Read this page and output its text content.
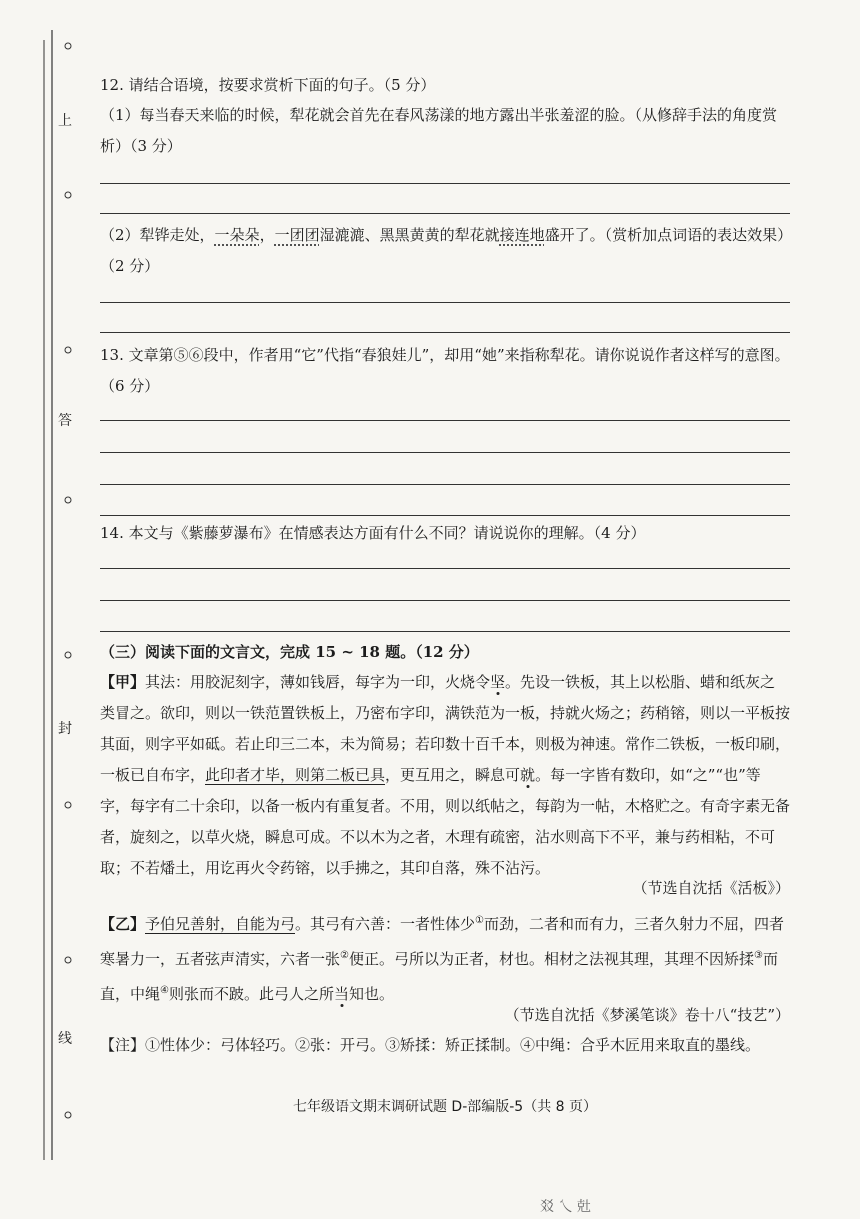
上
答
封
线
12. 请结合语境，按要求赏析下面的句子。（5 分）
（1）每当春天来临的时候，犁花就会首先在春风荡漾的地方露出半张羞涩的脸。（从修辞手法的角度赏析）（3 分）
（2）犁铧走处，一朵朵，一团团湿漉漉、黑黑黄黄的犁花就接连地盛开了。（赏析加点词语的表达效果）（2 分）
13. 文章第⑤⑥段中，作者用“它”代指“春狼娃儿”，却用“她”来指称犁花。请你说说作者这样写的意图。（6 分）
14. 本文与《紫藤萝瀑布》在情感表达方面有什么不同？请说说你的理解。（4 分）
（三）阅读下面的文言文，完成 15 ~ 18 题。（12 分）
【甲】其法：用胶泥刻字，薄如钱唇，每字为一印，火烧令坚。先设一铁板，其上以松脂、蜡和纸灰之类冒之。欲印，则以一铁范置铁板上，乃密布字印，满铁范为一板，持就火炀之；药稍镕，则以一平板按其面，则字平如砥。若止印三二本，未为简易；若印数十百千本，则极为神速。常作二铁板，一板印刷，一板已自布字，此印者才毕，则第二板已具，更互用之，瞬息可就。每一字皆有数印，如“之”“也”等字，每字有二十余印，以备一板内有重复者。不用，则以纸帖之，每韵为一帖，木格贮之。有奇字素无备者，旋刻之，以草火烧，瞬息可成。不以木为之者，木理有疏密，沾水则高下不平，兼与药相粘，不可取；不若燔土，用讫再火令药镕，以手拂之，其印自落，殊不沾污。
（节选自沈括《活板》）
【乙】予伯兄善射，自能为弓。其弓有六善：一者性体少①而劲，二者和而有力，三者久射力不屈，四者寒暑力一，五者弦声清实，六者一张②便正。弓所以为正者，材也。相材之法视其理，其理不因矫揉③而直，中绳④则张而不跛。此弓人之所当知也。
（节选自沈括《梦溪笔谈》卷十八“技艺”）
【注】①性体少：弓体轻巧。②张：开弓。③矫揉：矫正揉制。④中绳：合乎木匠用来取直的墨线。
七年级语文期末调研试题 D-部编版-5（共 8 页）
㸚 乀 兙
